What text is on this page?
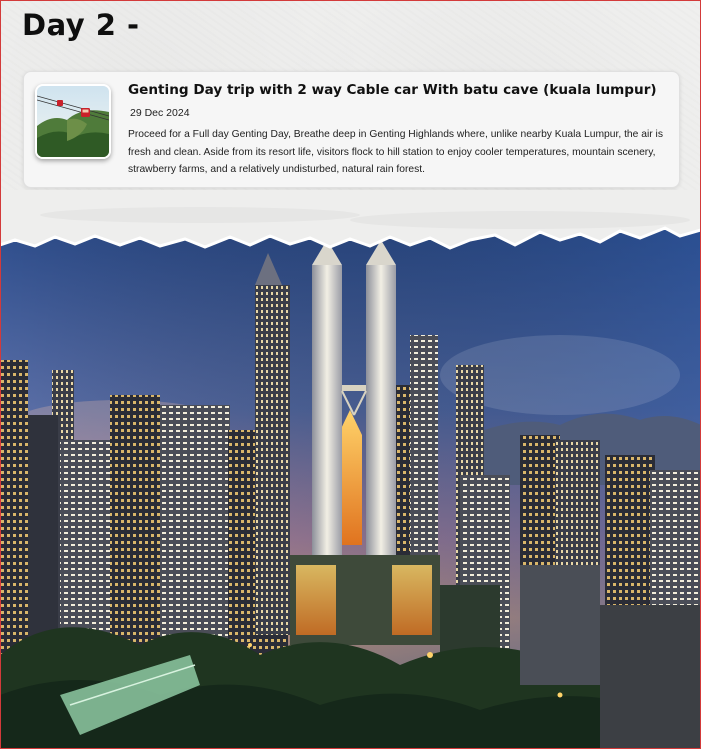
Day 2 -
Genting Day trip with 2 way Cable car With batu cave (kuala lumpur)
29 Dec 2024
Proceed for a Full day Genting Day, Breathe deep in Genting Highlands where, unlike nearby Kuala Lumpur, the air is fresh and clean. Aside from its resort life, visitors flock to hill station to enjoy cooler temperatures, mountain scenery, strawberry farms, and a relatively undisturbed, natural rain forest.
